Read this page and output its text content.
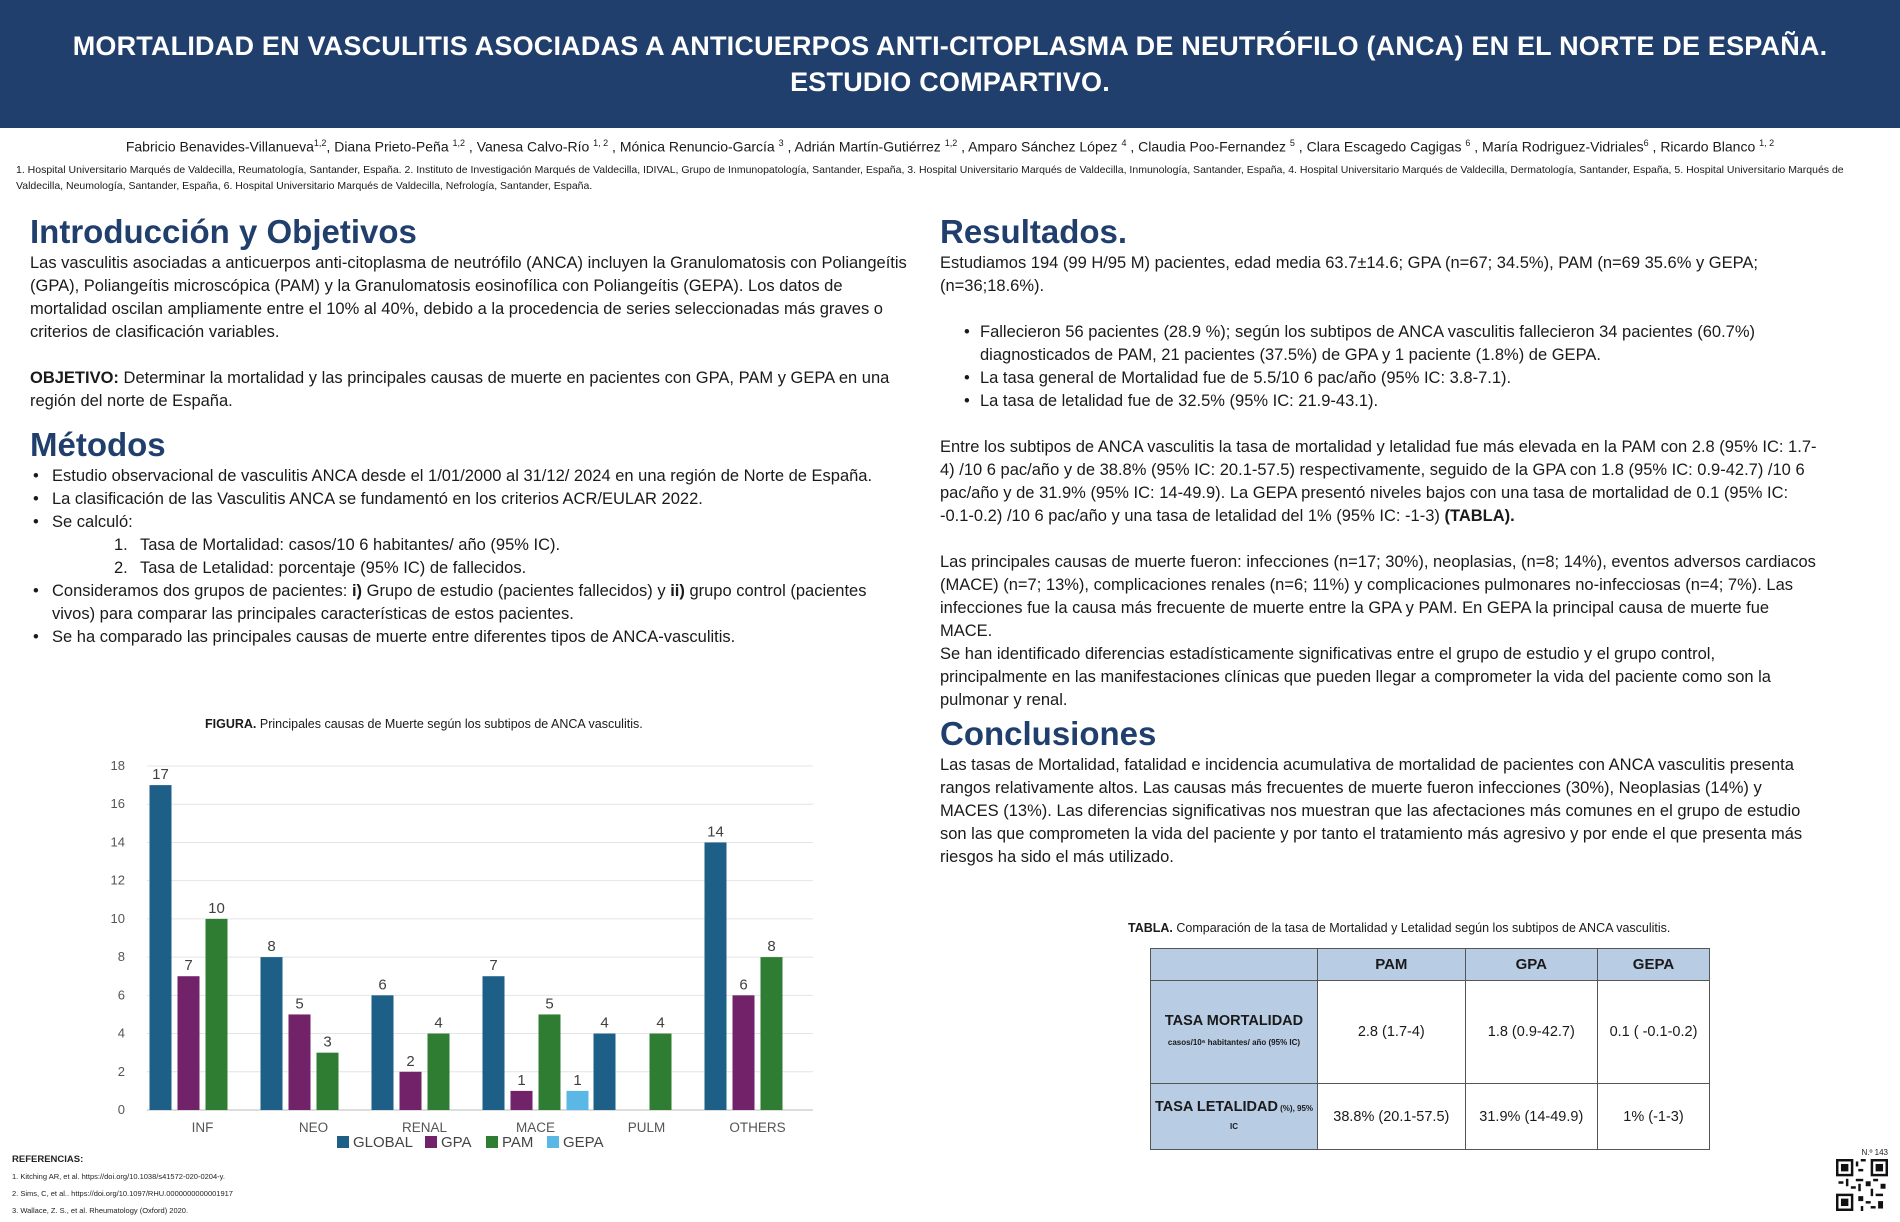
MORTALIDAD EN VASCULITIS ASOCIADAS A ANTICUERPOS ANTI-CITOPLASMA DE NEUTRÓFILO (ANCA) EN EL NORTE DE ESPAÑA.
ESTUDIO COMPARTIVO.
Fabricio Benavides-Villanueva$^{1,2}$, Diana Prieto-Peña $^{1,2}$ , Vanesa Calvo-Río $^{1, 2}$ , Mónica Renuncio-García $^3$ , Adrián Martín-Gutiérrez $^{1,2}$ , Amparo Sánchez López $^4$ , Claudia Poo-Fernandez $^5$ , Clara Escagedo Cagigas $^6$ , María Rodriguez-Vidriales$^6$ , Ricardo Blanco $^{1, 2}$
1. Hospital Universitario Marqués de Valdecilla, Reumatología, Santander, España. 2. Instituto de Investigación Marqués de Valdecilla, IDIVAL, Grupo de Inmunopatología, Santander, España, 3. Hospital Universitario Marqués de Valdecilla, Inmunología, Santander, España, 4. Hospital Universitario Marqués de Valdecilla, Dermatología, Santander, España, 5. Hospital Universitario Marqués de Valdecilla, Neumología, Santander, España, 6. Hospital Universitario Marqués de Valdecilla, Nefrología, Santander, España.
Introducción y Objetivos

Las vasculitis asociadas a anticuerpos anti-citoplasma de neutrófilo (ANCA) incluyen la Granulomatosis con Poliangeítis (GPA), Poliangeítis microscópica (PAM) y la Granulomatosis eosinofílica con Poliangeítis (GEPA). Los datos de mortalidad oscilan ampliamente entre el 10% al 40%, debido a la procedencia de series seleccionadas más graves o criterios de clasificación variables.

OBJETIVO: Determinar la mortalidad y las principales causas de muerte en pacientes con GPA, PAM y GEPA en una región del norte de España.

Métodos
• Estudio observacional de vasculitis ANCA desde el 1/01/2000 al 31/12/ 2024 en una región de Norte de España.
• La clasificación de las Vasculitis ANCA se fundamentó en los criterios ACR/EULAR 2022.
• Se calculó:
1. Tasa de Mortalidad: casos/10 6 habitantes/ año (95% IC).
2. Tasa de Letalidad: porcentaje (95% IC) de fallecidos.
• Consideramos dos grupos de pacientes: i) Grupo de estudio (pacientes fallecidos) y ii) grupo control (pacientes vivos) para comparar las principales características de estos pacientes.
• Se ha comparado las principales causas de muerte entre diferentes tipos de ANCA-vasculitis.
FIGURA. Principales causas de Muerte según los subtipos de ANCA vasculitis.
0
2
4
6
8
10
12
14
16
18
17
7
10
INF
8
5
3
NEO
6
2
4
RENAL
7
1
5
1
MACE
4	4
PULM
14
6
8
OTHERS
GLOBAL GPA PAM GEPA
REFERENCIAS:
1. Kitching AR, et al. https://doi.org/10.1038/s41572-020-0204-y.
2. Sims, C, et al.. https://doi.org/10.1097/RHU.0000000000001917
3. Wallace, Z. S., et al. Rheumatology (Oxford) 2020.
Resultados.

Estudiamos 194 (99 H/95 M) pacientes, edad media 63.7±14.6; GPA (n=67; 34.5%), PAM (n=69 35.6% y GEPA; (n=36;18.6%).

• Fallecieron 56 pacientes (28.9 %); según los subtipos de ANCA vasculitis fallecieron 34 pacientes (60.7%) diagnosticados de PAM, 21 pacientes (37.5%) de GPA y 1 paciente (1.8%) de GEPA.
• La tasa general de Mortalidad fue de 5.5/10 6 pac/año (95% IC: 3.8-7.1).
• La tasa de letalidad fue de 32.5% (95% IC: 21.9-43.1).

Entre los subtipos de ANCA vasculitis la tasa de mortalidad y letalidad fue más elevada en la PAM con 2.8 (95% IC: 1.7-4) /10 6 pac/año y de 38.8% (95% IC: 20.1-57.5) respectivamente, seguido de la GPA con 1.8 (95% IC: 0.9-42.7) /10 6 pac/año y de 31.9% (95% IC: 14-49.9). La GEPA presentó niveles bajos con una tasa de mortalidad de 0.1 (95% IC: -0.1-0.2) /10 6 pac/año y una tasa de letalidad del 1% (95% IC: -1-3) (TABLA).

Las principales causas de muerte fueron: infecciones (n=17; 30%), neoplasias, (n=8; 14%), eventos adversos cardiacos (MACE) (n=7; 13%), complicaciones renales (n=6; 11%) y complicaciones pulmonares no-infecciosas (n=4; 7%). Las infecciones fue la causa más frecuente de muerte entre la GPA y PAM. En GEPA la principal causa de muerte fue MACE.

Se han identificado diferencias estadísticamente significativas entre el grupo de estudio y el grupo control, principalmente en las manifestaciones clínicas que pueden llegar a comprometer la vida del paciente como son la pulmonar y renal.

Conclusiones

Las tasas de Mortalidad, fatalidad e incidencia acumulativa de mortalidad de pacientes con ANCA vasculitis presenta rangos relativamente altos. Las causas más frecuentes de muerte fueron infecciones (30%), Neoplasias (14%) y MACES (13%). Las diferencias significativas nos muestran que las afectaciones más comunes en el grupo de estudio son las que comprometen la vida del paciente y por tanto el tratamiento más agresivo y por ende el que presenta más riesgos ha sido el más utilizado.

TABLA. Comparación de la tasa de Mortalidad y Letalidad según los subtipos de ANCA vasculitis.
	PAM	GPA	GEPA

TASA MORTALIDAD
casos/10⁶ habitantes/ año (95% IC)	2.8 (1.7-4)	1.8 (0.9-42.7)	0.1 ( -0.1-0.2)
TASA LETALIDAD (%), 95% IC	38.8% (20.1-57.5)	31.9% (14-49.9)	1% (-1-3)
N.º 143
